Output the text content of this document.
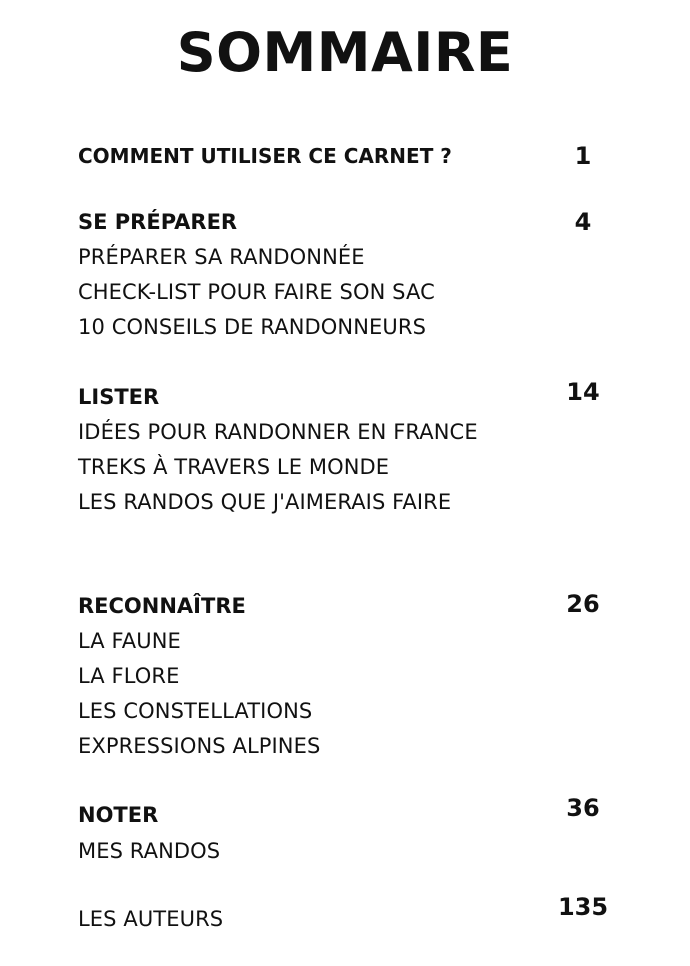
SOMMAIRE
COMMENT UTILISER CE CARNET ?	1
SE PRÉPARER	4
PRÉPARER SA RANDONNÉE
CHECK-LIST POUR FAIRE SON SAC
10 CONSEILS DE RANDONNEURS
LISTER	14
IDÉES POUR RANDONNER EN FRANCE
TREKS À TRAVERS LE MONDE
LES RANDOS QUE J'AIMERAIS FAIRE
RECONNAÎTRE	26
LA FAUNE
LA FLORE
LES CONSTELLATIONS
EXPRESSIONS ALPINES
NOTER	36
MES RANDOS
LES AUTEURS	135
